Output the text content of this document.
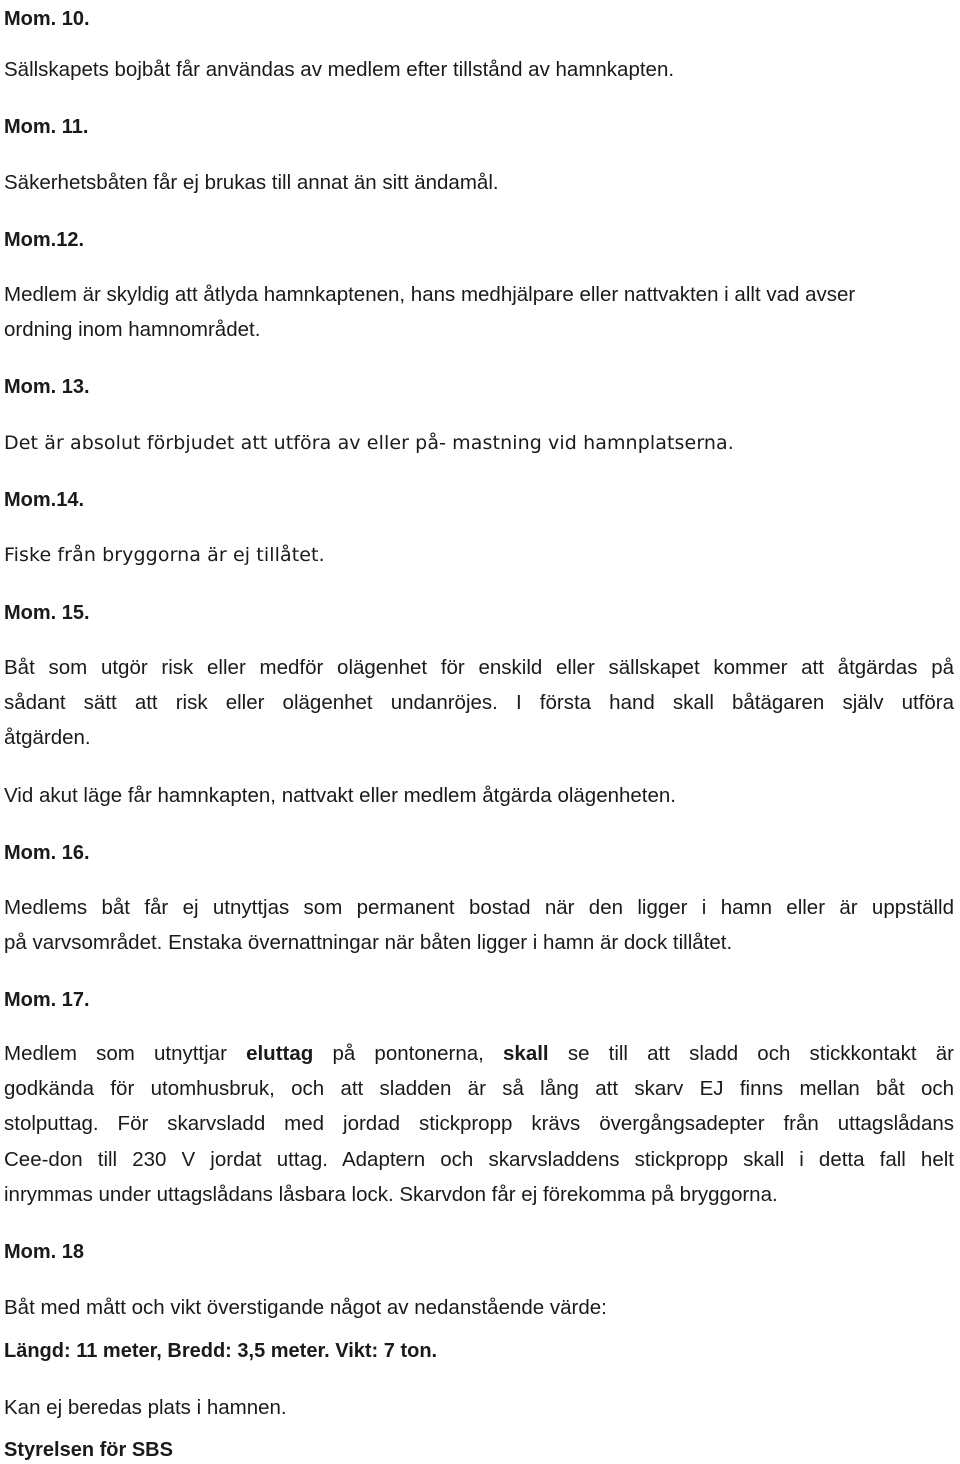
Mom. 10.

Sällskapets bojbåt får användas av medlem efter tillstånd av hamnkapten.

Mom. 11.

Säkerhetsbåten får ej brukas till annat än sitt ändamål.

Mom.12.

Medlem är skyldig att åtlyda hamnkaptenen, hans medhjälpare eller nattvakten i allt vad avser

ordning inom hamnområdet.

Mom. 13.

Det är absolut förbjudet att utföra av eller på- mastning vid hamnplatserna.

Mom.14.

Fiske från bryggorna är ej tillåtet.

Mom. 15.

Båt som utgör risk eller medför olägenhet för enskild eller sällskapet kommer att åtgärdas på

sådant sätt att risk eller olägenhet undanröjes. I första hand skall båtägaren själv utföra

åtgärden.

Vid akut läge får hamnkapten, nattvakt eller medlem åtgärda olägenheten.

Mom. 16.

Medlems båt får ej utnyttjas som permanent bostad när den ligger i hamn eller är uppställd

på varvsområdet. Enstaka övernattningar när båten ligger i hamn är dock tillåtet.

Mom. 17.

Medlem som utnyttjar eluttag på pontonerna, skall se till att sladd och stickkontakt är

godkända för utomhusbruk, och att sladden är så lång att skarv EJ finns mellan båt och

stolputtag. För skarvsladd med jordad stickpropp krävs övergångsadepter från uttagslådans

Cee-don till 230 V jordat uttag. Adaptern och skarvsladdens stickpropp skall i detta fall helt

inrymmas under uttagslådans låsbara lock. Skarvdon får ej förekomma på bryggorna.

Mom. 18

Båt med mått och vikt överstigande något av nedanstående värde:

Längd: 11 meter, Bredd: 3,5 meter. Vikt: 7 ton.

Kan ej beredas plats i hamnen.

Styrelsen för SBS
